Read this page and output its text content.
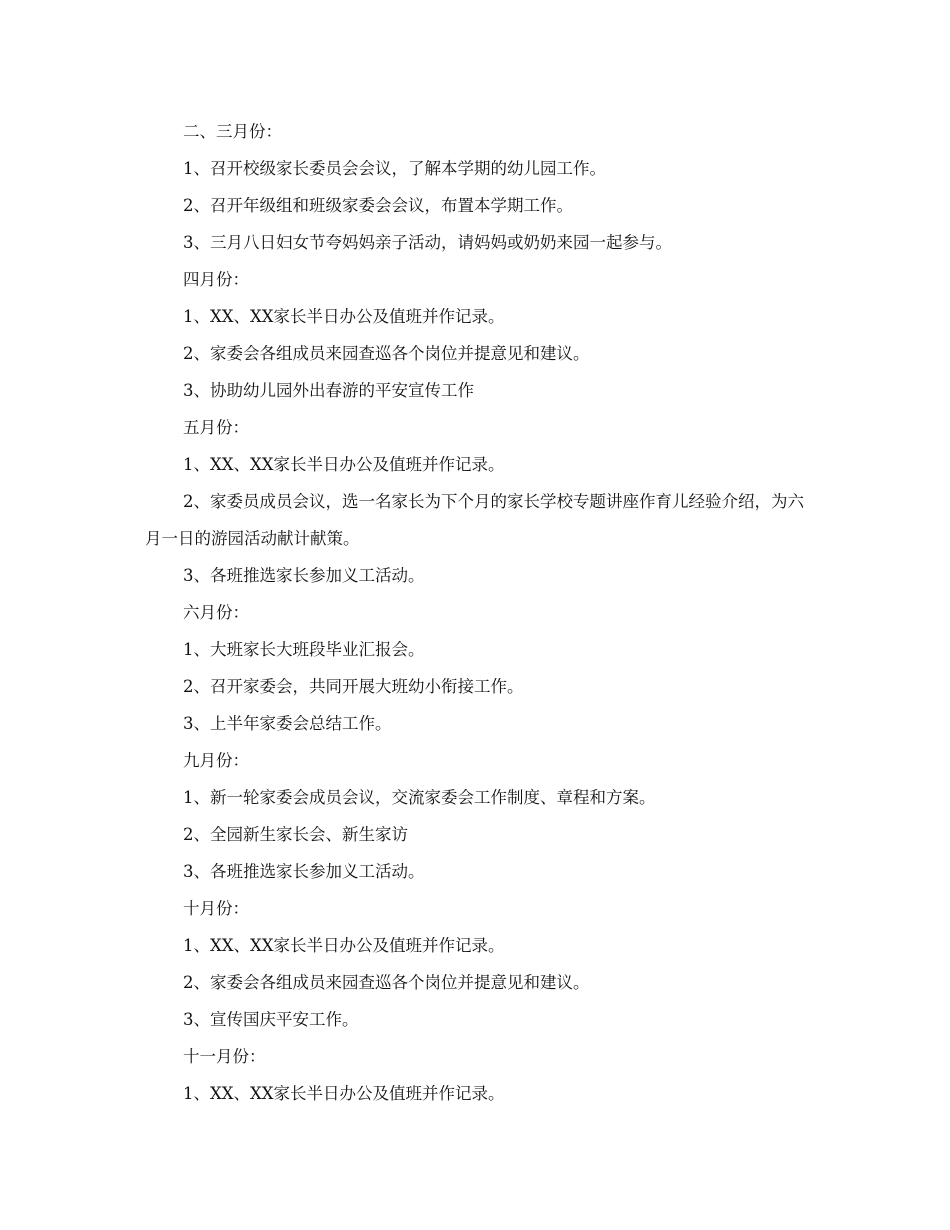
二、三月份：

1、召开校级家长委员会会议，了解本学期的幼儿园工作。

2、召开年级组和班级家委会会议，布置本学期工作。

3、三月八日妇女节夸妈妈亲子活动，请妈妈或奶奶来园一起参与。

四月份：

1、XX、XX家长半日办公及值班并作记录。

2、家委会各组成员来园查巡各个岗位并提意见和建议。

3、协助幼儿园外出春游的平安宣传工作

五月份：

1、XX、XX家长半日办公及值班并作记录。

2、家委员成员会议，选一名家长为下个月的家长学校专题讲座作育儿经验介绍，为六月一日的游园活动献计献策。

3、各班推选家长参加义工活动。

六月份：

1、大班家长大班段毕业汇报会。

2、召开家委会，共同开展大班幼小衔接工作。

3、上半年家委会总结工作。

九月份：

1、新一轮家委会成员会议，交流家委会工作制度、章程和方案。

2、全园新生家长会、新生家访

3、各班推选家长参加义工活动。

十月份：

1、XX、XX家长半日办公及值班并作记录。

2、家委会各组成员来园查巡各个岗位并提意见和建议。

3、宣传国庆平安工作。

十一月份：

1、XX、XX家长半日办公及值班并作记录。
